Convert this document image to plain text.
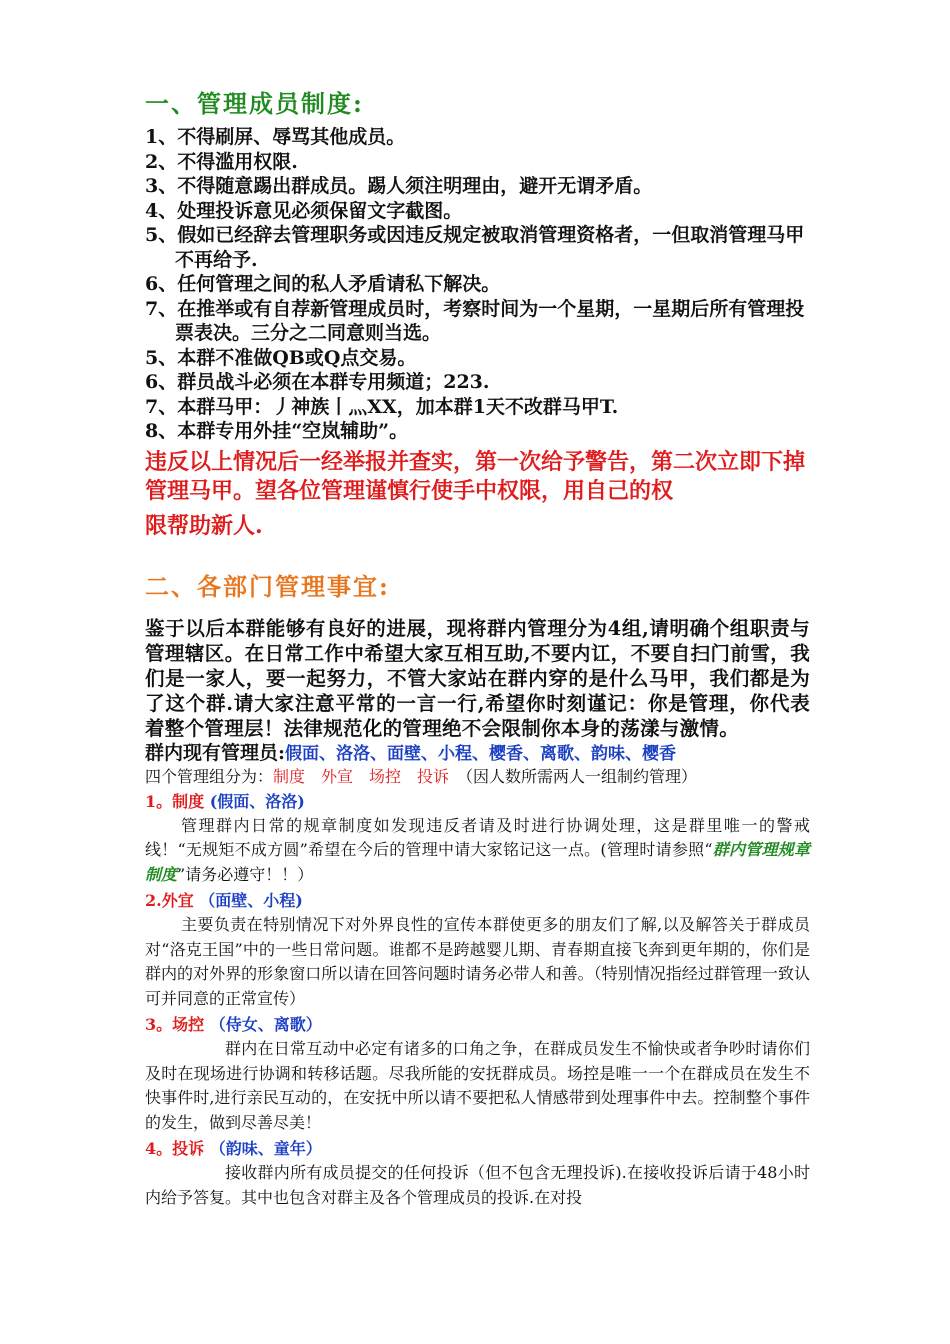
一、管理成员制度:
1、不得刷屏、辱骂其他成员。
2、不得滥用权限.
3、不得随意踢出群成员。踢人须注明理由，避开无谓矛盾。
4、处理投诉意见必须保留文字截图。
5、假如已经辞去管理职务或因违反规定被取消管理资格者，一但取消管理马甲不再给予.
6、任何管理之间的私人矛盾请私下解决。
7、在推举或有自荐新管理成员时，考察时间为一个星期，一星期后所有管理投票表决。三分之二同意则当选。
5、本群不准做QB或Q点交易。
6、群员战斗必须在本群专用频道；223.
7、本群马甲：丿神族丨灬XX，加本群1天不改群马甲T.
8、本群专用外挂“空岚辅助”。

违反以上情况后一经举报并查实，第一次给予警告，第二次立即下掉管理马甲。望各位管理谨慎行使手中权限，用自己的权
限帮助新人.

二、各部门管理事宜:

鉴于以后本群能够有良好的进展，现将群内管理分为4组,请明确个组职责与管理辖区。在日常工作中希望大家互相互助,不要内讧，不要自扫门前雪，我们是一家人，要一起努力，不管大家站在群内穿的是什么马甲，我们都是为了这个群.请大家注意平常的一言一行,希望你时刻谨记：你是管理，你代表着整个管理层！法律规范化的管理绝不会限制你本身的荡漾与激情。

群内现有管理员:假面、洛洛、面壁、小程、樱香、离歌、韵味、樱香

四个管理组分为：制度　外宣　场控　投诉　 （因人数所需两人一组制约管理）

1。制度 (假面、洛洛)

管理群内日常的规章制度如发现违反者请及时进行协调处理，这是群里唯一的警戒线！“无规矩不成方圆”希望在今后的管理中请大家铭记这一点。(管理时请参照“群内管理规章制度”请务必遵守！！）

2.外宜 （面壁、小程)

主要负责在特别情况下对外界良性的宣传本群使更多的朋友们了解,以及解答关于群成员对“洛克王国”中的一些日常问题。谁都不是跨越婴儿期、青春期直接飞奔到更年期的，你们是群内的对外界的形象窗口所以请在回答问题时请务必带人和善。（特别情况指经过群管理一致认可并同意的正常宣传）

3。场控 （侍女、离歌）

群内在日常互动中必定有诸多的口角之争，在群成员发生不愉快或者争吵时请你们及时在现场进行协调和转移话题。尽我所能的安抚群成员。场控是唯一一个在群成员在发生不快事件时,进行亲民互动的，在安抚中所以请不要把私人情感带到处理事件中去。控制整个事件的发生，做到尽善尽美！

4。投诉 （韵味、童年）

接收群内所有成员提交的任何投诉（但不包含无理投诉).在接收投诉后请于48小时内给予答复。其中也包含对群主及各个管理成员的投诉.在对投
